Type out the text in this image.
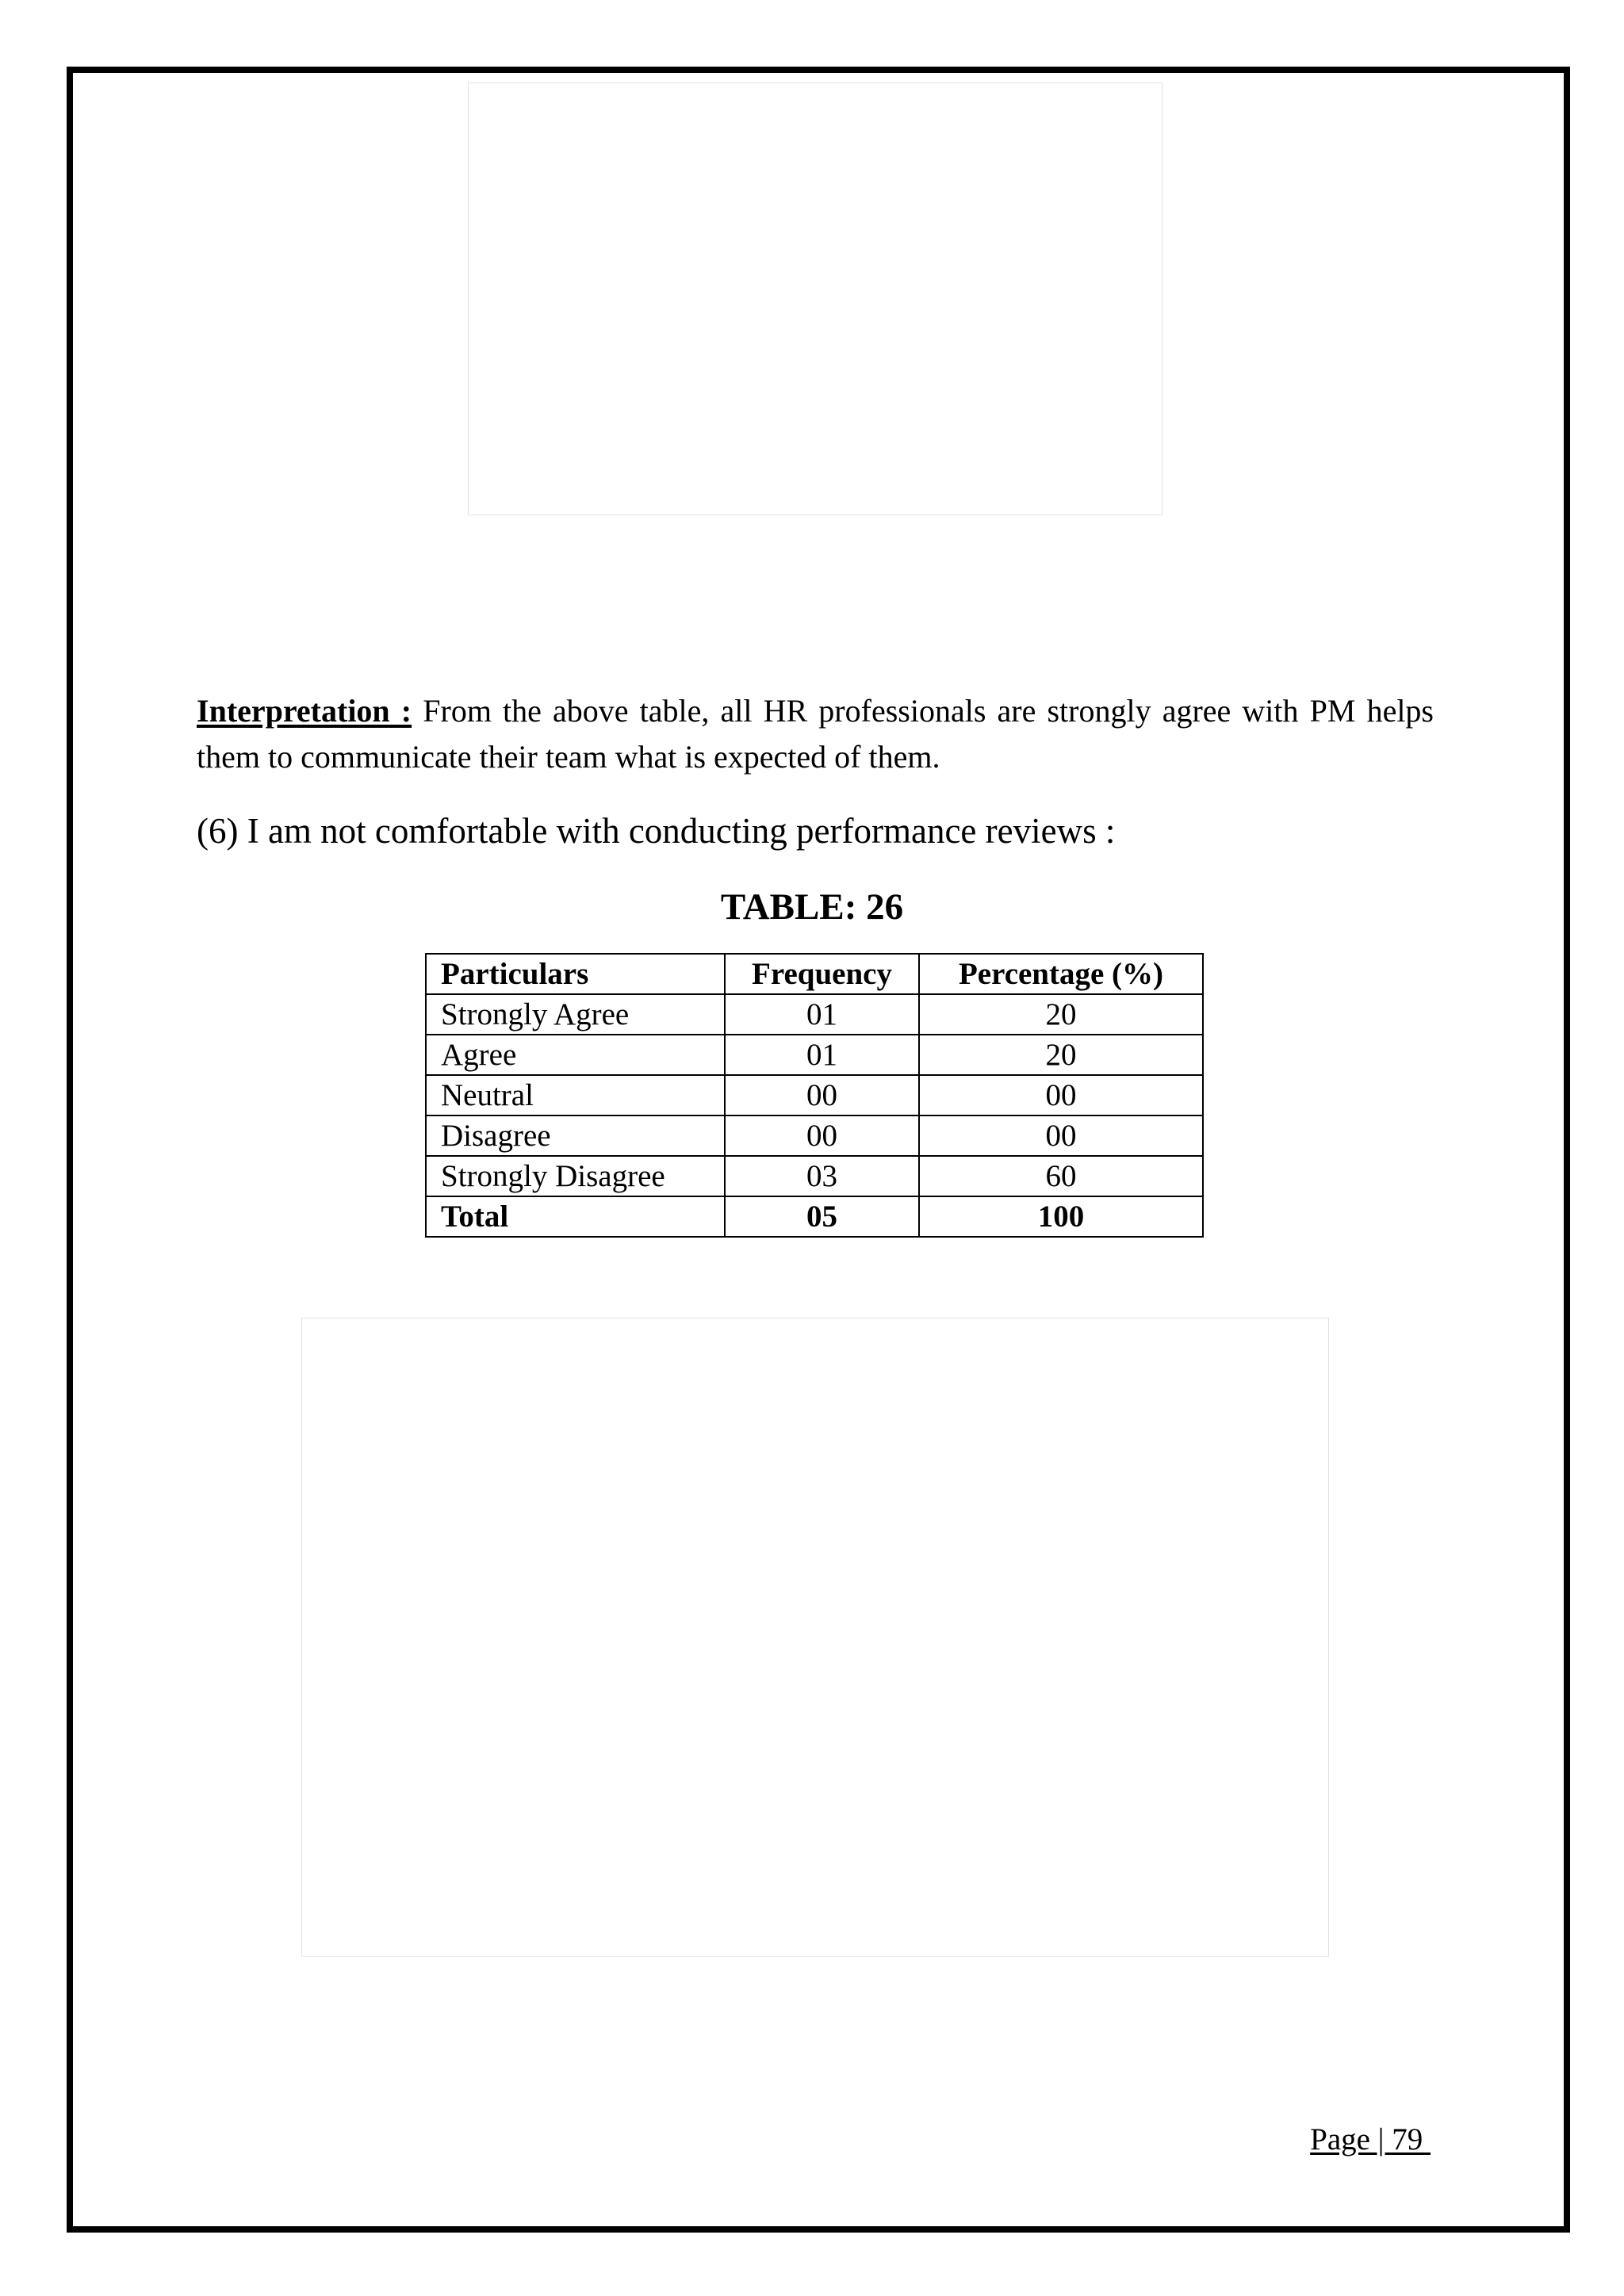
Interpretation : From the above table, all HR professionals are strongly agree with PM helps them to communicate their team what is expected of them.

(6) I am not comfortable with conducting performance reviews :
TABLE: 26
Particulars	Frequency	Percentage (%)
Strongly Agree	01	20
Agree	01	20
Neutral	00	00
Disagree	00	00
Strongly Disagree	03	60
Total	05	100
Page | 79
